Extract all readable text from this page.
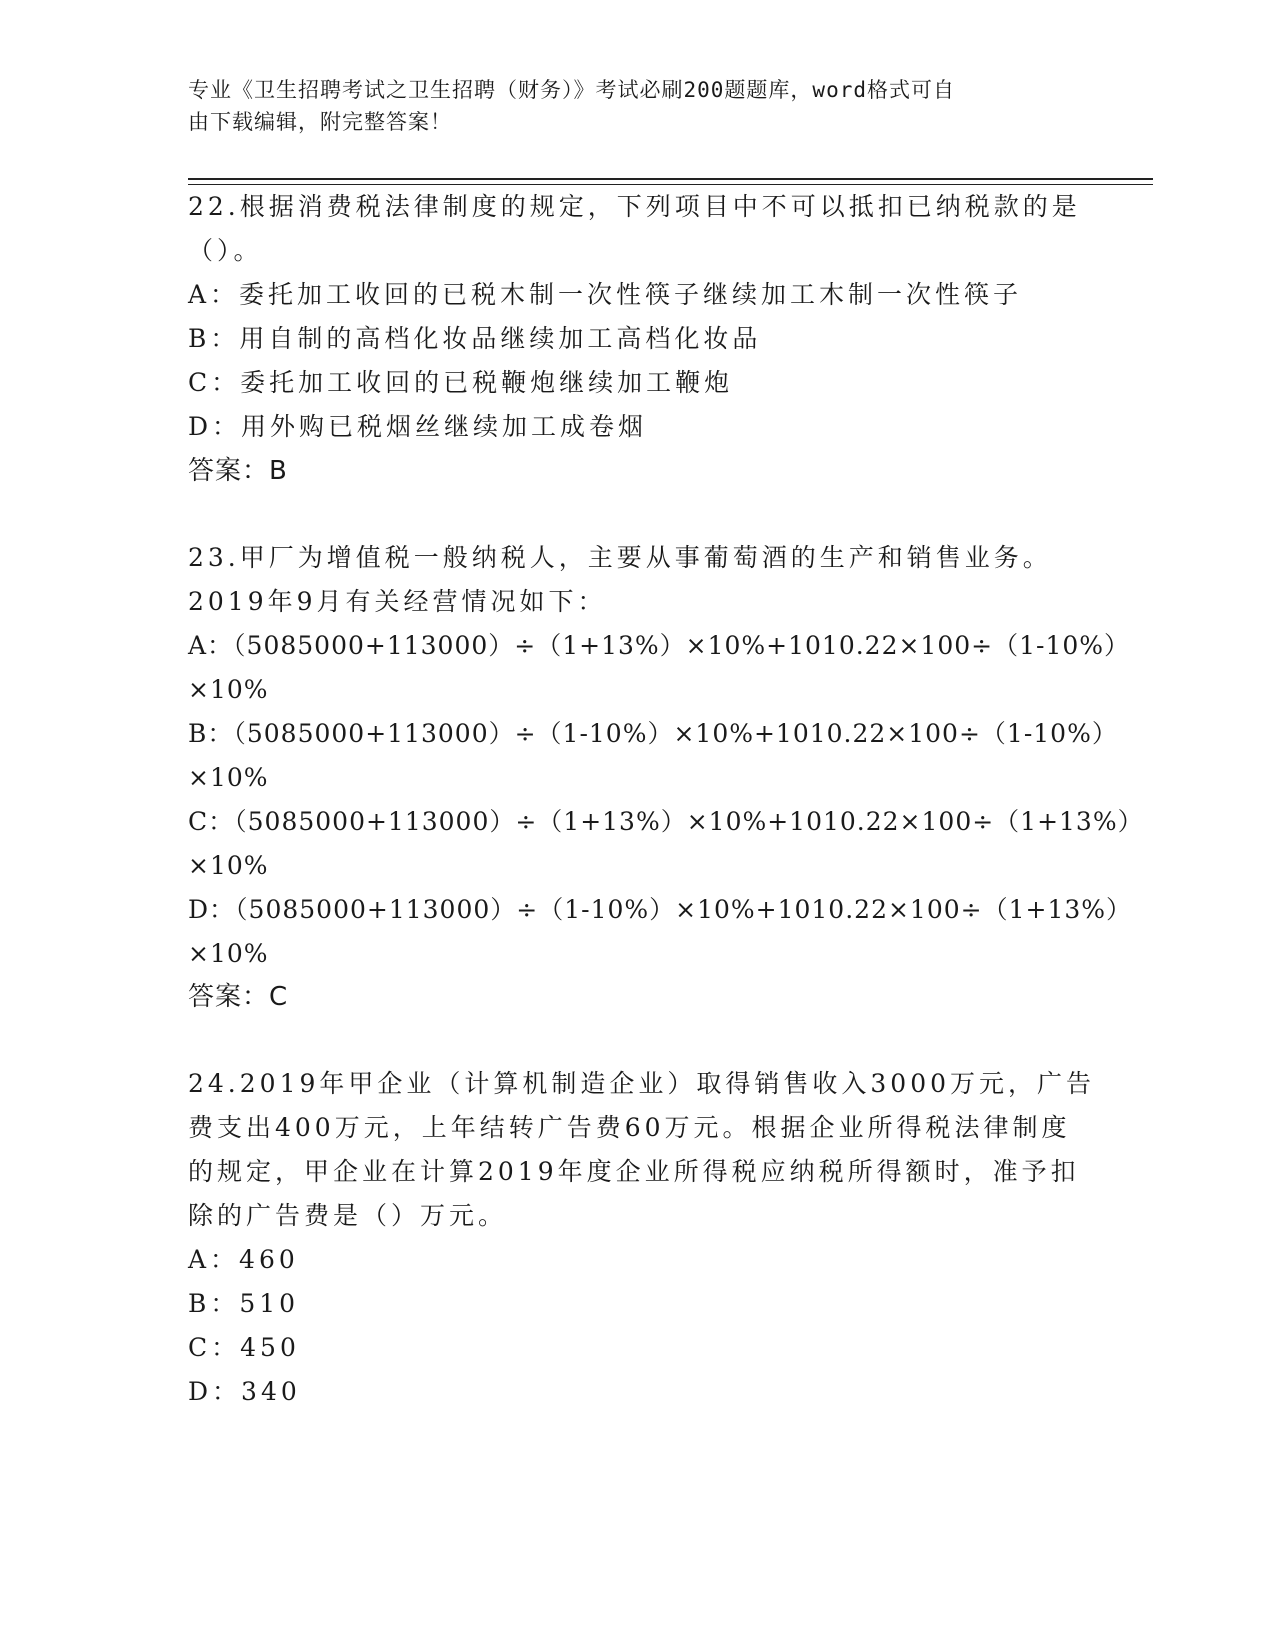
专业《卫生招聘考试之卫生招聘（财务）》考试必刷200题题库，word格式可自
由下载编辑，附完整答案！
22.根据消费税法律制度的规定，下列项目中不可以抵扣已纳税款的是
（）。
A：委托加工收回的已税木制一次性筷子继续加工木制一次性筷子
B：用自制的高档化妆品继续加工高档化妆品
C：委托加工收回的已税鞭炮继续加工鞭炮
D：用外购已税烟丝继续加工成卷烟
答案：B
23.甲厂为增值税一般纳税人，主要从事葡萄酒的生产和销售业务。
2019年9月有关经营情况如下：
A：（5085000+113000）÷（1+13%）×10%+1010.22×100÷（1-10%）
×10%
B：（5085000+113000）÷（1-10%）×10%+1010.22×100÷（1-10%）
×10%
C：（5085000+113000）÷（1+13%）×10%+1010.22×100÷（1+13%）
×10%
D：（5085000+113000）÷（1-10%）×10%+1010.22×100÷（1+13%）
×10%
答案：C
24.2019年甲企业（计算机制造企业）取得销售收入3000万元，广告
费支出400万元，上年结转广告费60万元。根据企业所得税法律制度
的规定，甲企业在计算2019年度企业所得税应纳税所得额时，准予扣
除的广告费是（）万元。
A：460
B：510
C：450
D：340
